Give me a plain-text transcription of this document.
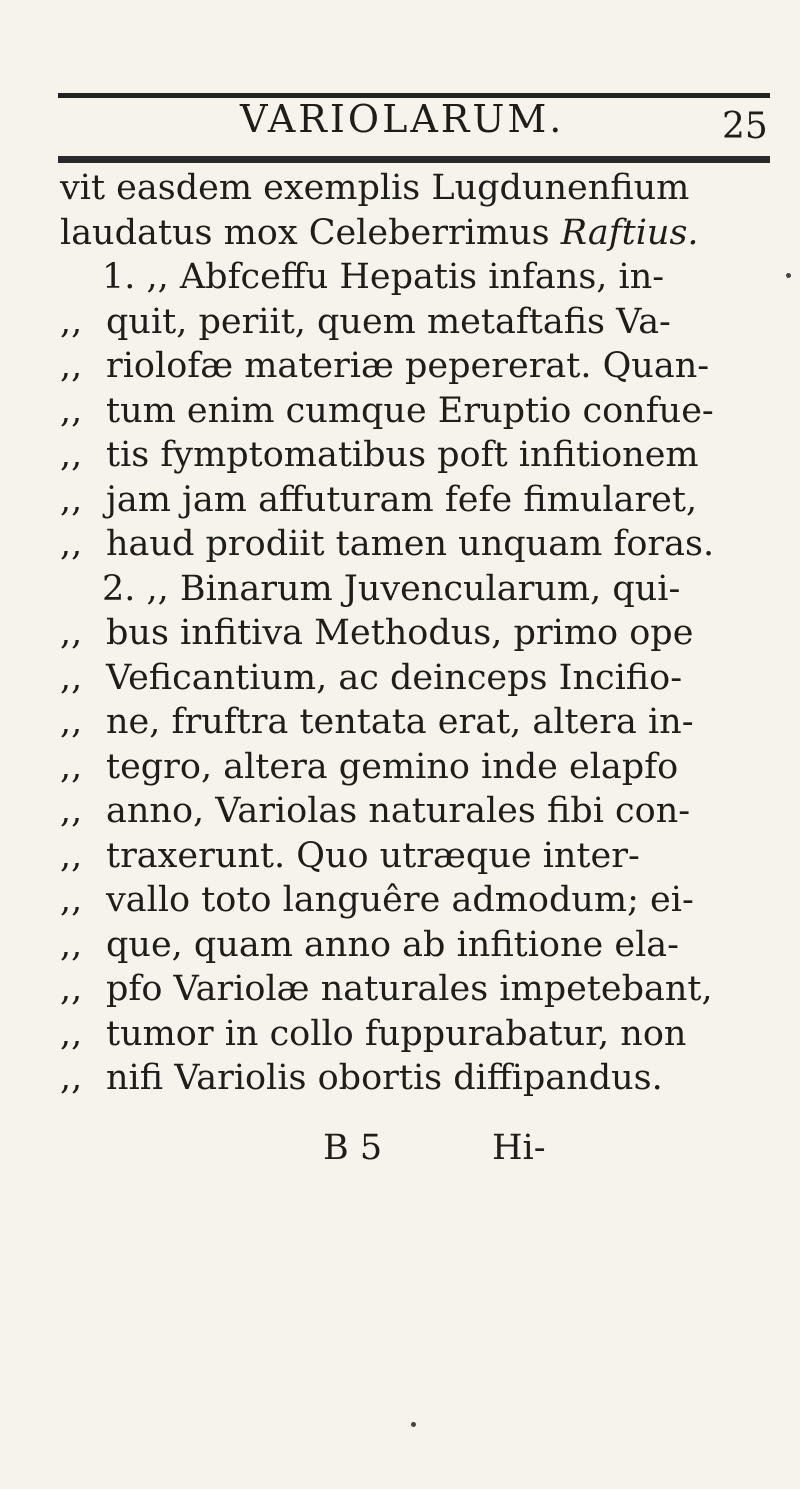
VARIOLARUM.	25
vit easdem exemplis Lugdunenfium
laudatus mox Celeberrimus Raftius.
1. ,, Abfceffu Hepatis infans, in-
,, quit, periit, quem metaftafis Va-
,, riolofæ materiæ pepererat. Quan-
,, tum enim cumque Eruptio confue-
,, tis fymptomatibus poft infitionem
,, jam jam affuturam fefe fimularet,
,, haud prodiit tamen unquam foras.
2. ,, Binarum Juvencularum, qui-
,, bus infitiva Methodus, primo ope
,, Veficantium, ac deinceps Incifio-
,, ne, fruftra tentata erat, altera in-
,, tegro, altera gemino inde elapfo
,, anno, Variolas naturales fibi con-
,, traxerunt. Quo utræque inter-
,, vallo toto languêre admodum; ei-
,, que, quam anno ab infitione ela-
,, pfo Variolæ naturales impetebant,
,, tumor in collo fuppurabatur, non
,, nifi Variolis obortis diffipandus.
B 5	Hi-
